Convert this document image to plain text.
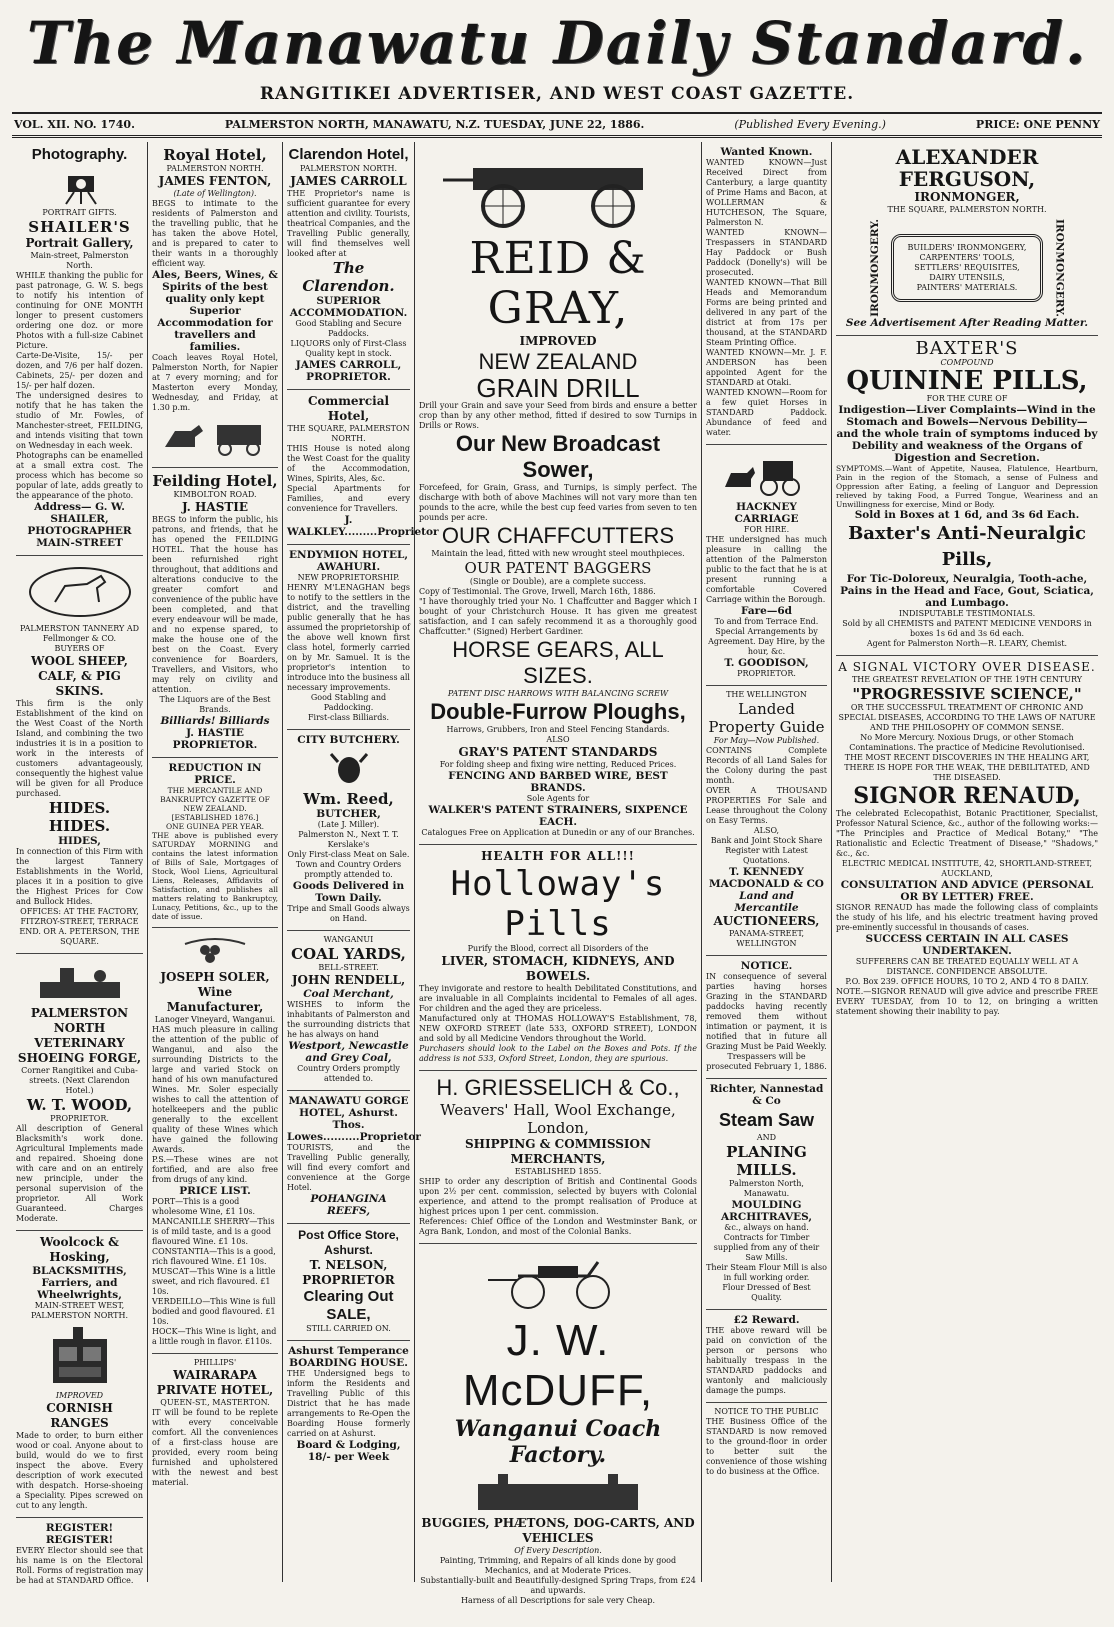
The Manawatu Daily Standard.
RANGITIKEI ADVERTISER, AND WEST COAST GAZETTE.
VOL. XII. NO. 1740.	PALMERSTON NORTH, MANAWATU, N.Z. TUESDAY, JUNE 22, 1886.	(Published Every Evening.)	PRICE: ONE PENNY
Photography.
PORTRAIT GIFTS.
SHAILER'S
Portrait Gallery,
Main-street, Palmerston North.
WHILE thanking the public for past patronage, G. W. S. begs to notify his intention of continuing for ONE MONTH longer to present customers ordering one doz. or more Photos with a full-size Cabinet Picture.
Carte-De-Visite, 15/- per dozen, and 7/6 per half dozen. Cabinets, 25/- per dozen and 15/- per half dozen.
The undersigned desires to notify that he has taken the studio of Mr. Fowles, of Manchester-street, FEILDING, and intends visiting that town on Wednesday in each week.
Photographs can be enamelled at a small extra cost. The process which has become so popular of late, adds greatly to the appearance of the photo.
Address— G. W. SHAILER, PHOTOGRAPHER MAIN-STREET
PALMERSTON TANNERY AD Fellmonger & CO.
BUYERS OF
WOOL SHEEP, CALF, & PIG SKINS.
This firm is the only Establishment of the kind on the West Coast of the North Island, and combining the two industries it is in a position to work in the interests of customers advantageously, consequently the highest value will be given for all Produce purchased.
HIDES. HIDES.
HIDES,
In connection of this Firm with the largest Tannery Establishments in the World, places it in a position to give the Highest Prices for Cow and Bullock Hides.
OFFICES: AT THE FACTORY, FITZROY-STREET, TERRACE END. OR A. PETERSON, THE SQUARE.
PALMERSTON NORTH VETERINARY SHOEING FORGE,
Corner Rangitikei and Cuba-streets. (Next Clarendon Hotel.)
W. T. WOOD,
PROPRIETOR.
All description of General Blacksmith's work done. Agricultural Implements made and repaired. Shoeing done with care and on an entirely new principle, under the personal supervision of the proprietor. All Work Guaranteed. Charges Moderate.
Woolcock & Hosking,
BLACKSMITHS, Farriers, and Wheelwrights,
MAIN-STREET WEST, PALMERSTON NORTH.
IMPROVED
CORNISH RANGES
Made to order, to burn either wood or coal. Anyone about to build, would do we to first inspect the above. Every description of work executed with despatch. Horse-shoeing a Speciality. Pipes screwed on cut to any length.
REGISTER! REGISTER!
EVERY Elector should see that his name is on the Electoral Roll. Forms of registration may be had at STANDARD Office.
Royal Hotel,
PALMERSTON NORTH.
JAMES FENTON,
(Late of Wellington).
BEGS to intimate to the residents of Palmerston and the travelling public, that he has taken the above Hotel, and is prepared to cater to their wants in a thoroughly efficient way.
Ales, Beers, Wines, & Spirits of the best quality only kept
Superior Accommodation for travellers and families.
Coach leaves Royal Hotel, Palmerston North, for Napier at 7 every morning; and for Masterton every Monday, Wednesday, and Friday, at 1.30 p.m.
Feilding Hotel,
KIMBOLTON ROAD.
J. HASTIE
BEGS to inform the public, his patrons, and friends, that he has opened the FEILDING HOTEL. That the house has been refurnished right throughout, that additions and alterations conducive to the greater comfort and convenience of the public have been completed, and that every endeavour will be made, and no expense spared, to make the house one of the best on the Coast. Every convenience for Boarders, Travellers, and Visitors, who may rely on civility and attention.
The Liquors are of the Best Brands.
Billiards! Billiards
J. HASTIE PROPRIETOR.
REDUCTION IN PRICE.
THE MERCANTILE AND BANKRUPTCY GAZETTE OF NEW ZEALAND.
[ESTABLISHED 1876.]
ONE GUINEA PER YEAR.
THE above is published every SATURDAY MORNING and contains the latest information of Bills of Sale, Mortgages of Stock, Wool Liens, Agricultural Liens, Releases, Affidavits of Satisfaction, and publishes all matters relating to Bankruptcy, Lunacy, Petitions, &c., up to the date of issue.
JOSEPH SOLER,
Wine Manufacturer,
Lanoger Vineyard, Wanganui.
HAS much pleasure in calling the attention of the public of Wanganui, and also the surrounding Districts to the large and varied Stock on hand of his own manufactured Wines. Mr. Soler especially wishes to call the attention of hotelkeepers and the public generally to the excellent quality of these Wines which have gained the following Awards.
P.S.—These wines are not fortified, and are also free from drugs of any kind.
PRICE LIST.
PORT—This is a good wholesome Wine, £1 10s.
MANCANILLE SHERRY—This is of mild taste, and is a good flavoured Wine. £1 10s.
CONSTANTIA—This is a good, rich flavoured Wine. £1 10s.
MUSCAT—This Wine is a little sweet, and rich flavoured. £1 10s.
VERDEILLO—This Wine is full bodied and good flavoured. £1 10s.
HOCK—This Wine is light, and a little rough in flavor. £110s.
PHILLIPS'
WAIRARAPA PRIVATE HOTEL,
QUEEN-ST., MASTERTON.
IT will be found to be replete with every conceivable comfort. All the conveniences of a first-class house are provided, every room being furnished and upholstered with the newest and best material.
Clarendon Hotel,
PALMERSTON NORTH.
JAMES CARROLL
THE Proprietor's name is sufficient guarantee for every attention and civility. Tourists, theatrical Companies, and the Travelling Public generally, will find themselves well looked after at
The Clarendon.
SUPERIOR ACCOMMODATION.
Good Stabling and Secure Paddocks.
LIQUORS only of First-Class Quality kept in stock.
JAMES CARROLL, PROPRIETOR.
Commercial Hotel,
THE SQUARE, PALMERSTON NORTH.
THIS House is noted along the West Coast for the quality of the Accommodation, Wines, Spirits, Ales, &c.
Special Apartments for Families, and every convenience for Travellers.
J. WALKLEY.........Proprietor
ENDYMION HOTEL, AWAHURI.
NEW PROPRIETORSHIP.
HENRY M'LENAGHAN begs to notify to the settlers in the district, and the travelling public generally that he has assumed the proprietorship of the above well known first class hotel, formerly carried on by Mr. Samuel. It is the proprietor's intention to introduce into the business all necessary improvements.
Good Stabling and Paddocking.
First-class Billiards.
CITY BUTCHERY.
Wm. Reed,
BUTCHER,
(Late J. Miller).
Palmerston N., Next T. T. Kerslake's
Only First-class Meat on Sale. Town and Country Orders promptly attended to.
Goods Delivered in Town Daily.
Tripe and Small Goods always on Hand.
WANGANUI
COAL YARDS,
BELL-STREET.
JOHN RENDELL,
Coal Merchant,
WISHES to inform the inhabitants of Palmerston and the surrounding districts that he has always on hand
Westport, Newcastle and Grey Coal,
Country Orders promptly attended to.
MANAWATU GORGE HOTEL, Ashurst.
Thos. Lowes..........Proprietor
TOURISTS, and the Travelling Public generally, will find every comfort and convenience at the Gorge Hotel.
POHANGINA REEFS,
Post Office Store, Ashurst.
T. NELSON, PROPRIETOR
Clearing Out SALE,
STILL CARRIED ON.
Ashurst Temperance BOARDING HOUSE.
THE Undersigned begs to inform the Residents and Travelling Public of this District that he has made arrangements to Re-Open the Boarding House formerly carried on at Ashurst.
Board & Lodging, 18/- per Week
REID & GRAY,
IMPROVED
NEW ZEALAND
GRAIN DRILL
Drill your Grain and save your Seed from birds and ensure a better crop than by any other method, fitted if desired to sow Turnips in Drills or Rows.
Our New Broadcast Sower,
Forcefeed, for Grain, Grass, and Turnips, is simply perfect. The discharge with both of above Machines will not vary more than ten pounds to the acre, while the best cup feed varies from seven to ten pounds per acre.
OUR CHAFFCUTTERS
Maintain the lead, fitted with new wrought steel mouthpieces.
OUR PATENT BAGGERS
(Single or Double), are a complete success.
Copy of Testimonial. The Grove, Irwell, March 16th, 1886.
"I have thoroughly tried your No. 1 Chaffcutter and Bagger which I bought of your Christchurch House. It has given me greatest satisfaction, and I can safely recommend it as a thoroughly good Chaffcutter." (Signed) Herbert Gardiner.
HORSE GEARS, ALL SIZES.
PATENT DISC HARROWS WITH BALANCING SCREW
Double-Furrow Ploughs,
Harrows, Grubbers, Iron and Steel Fencing Standards.
ALSO
GRAY'S PATENT STANDARDS
For folding sheep and fixing wire netting, Reduced Prices.
FENCING AND BARBED WIRE, BEST BRANDS.
Sole Agents for
WALKER'S PATENT STRAINERS, SIXPENCE EACH.
Catalogues Free on Application at Dunedin or any of our Branches.
HEALTH FOR ALL!!!
Holloway's Pills
Purify the Blood, correct all Disorders of the
LIVER, STOMACH, KIDNEYS, AND BOWELS.
They invigorate and restore to health Debilitated Constitutions, and are invaluable in all Complaints incidental to Females of all ages. For children and the aged they are priceless.
Manufactured only at THOMAS HOLLOWAY'S Establishment, 78, NEW OXFORD STREET (late 533, OXFORD STREET), LONDON and sold by all Medicine Vendors throughout the World.
Purchasers should look to the Label on the Boxes and Pots. If the address is not 533, Oxford Street, London, they are spurious.
H. GRIESSELICH & Co.,
Weavers' Hall, Wool Exchange, London,
SHIPPING & COMMISSION MERCHANTS,
ESTABLISHED 1855.
SHIP to order any description of British and Continental Goods upon 2½ per cent. commission, selected by buyers with Colonial experience, and attend to the prompt realisation of Produce at highest prices upon 1 per cent. commission.
References: Chief Office of the London and Westminster Bank, or Agra Bank, London, and most of the Colonial Banks.
J. W. McDUFF,
Wanganui Coach Factory.
BUGGIES, PHÆTONS, DOG-CARTS, AND VEHICLES
Of Every Description.
Painting, Trimming, and Repairs of all kinds done by good Mechanics, and at Moderate Prices.
Substantially-built and Beautifully-designed Spring Traps, from £24 and upwards.
Harness of all Descriptions for sale very Cheap.
Wanted Known.
WANTED KNOWN—Just Received Direct from Canterbury, a large quantity of Prime Hams and Bacon, at WOLLERMAN & HUTCHESON, The Square, Palmerston N.
WANTED KNOWN—Trespassers in STANDARD Hay Paddock or Bush Paddock (Donelly's) will be prosecuted.
WANTED KNOWN—That Bill Heads and Memorandum Forms are being printed and delivered in any part of the district at from 17s per thousand, at the STANDARD Steam Printing Office.
WANTED KNOWN—Mr. J. F. ANDERSON has been appointed Agent for the STANDARD at Otaki.
WANTED KNOWN—Room for a few quiet Horses in STANDARD Paddock. Abundance of feed and water.
HACKNEY CARRIAGE
FOR HIRE.
THE undersigned has much pleasure in calling the attention of the Palmerston public to the fact that he is at present running a comfortable Covered Carriage within the Borough.
Fare—6d
To and from Terrace End.
Special Arrangements by Agreement. Day Hire, by the hour, &c.
T. GOODISON,
PROPRIETOR.
THE WELLINGTON
Landed Property Guide
For May—Now Published.
CONTAINS Complete Records of all Land Sales for the Colony during the past month.
OVER A THOUSAND PROPERTIES For Sale and Lease throughout the Colony on Easy Terms.
ALSO,
Bank and Joint Stock Share Register with Latest Quotations.
T. KENNEDY MACDONALD & CO
Land and Mercantile
AUCTIONEERS,
PANAMA-STREET, WELLINGTON
NOTICE.
IN consequence of several parties having horses Grazing in the STANDARD paddocks having recently removed them without intimation or payment, it is notified that in future all Grazing Must be Paid Weekly.
Trespassers will be prosecuted February 1, 1886.
Richter, Nannestad & Co
Steam Saw
AND
PLANING MILLS.
Palmerston North, Manawatu.
MOULDING ARCHITRAVES,
&c., always on hand.
Contracts for Timber supplied from any of their Saw Mills.
Their Steam Flour Mill is also in full working order.
Flour Dressed of Best Quality.
£2 Reward.
THE above reward will be paid on conviction of the person or persons who habitually trespass in the STANDARD paddocks and wantonly and maliciously damage the pumps.
NOTICE TO THE PUBLIC
THE Business Office of the STANDARD is now removed to the ground-floor in order to better suit the convenience of those wishing to do business at the Office.
ALEXANDER FERGUSON,
IRONMONGER,
THE SQUARE, PALMERSTON NORTH.
IRONMONGERY.	BUILDERS' IRONMONGERY,
CARPENTERS' TOOLS,
SETTLERS' REQUISITES,
DAIRY UTENSILS,
PAINTERS' MATERIALS.	IRONMONGERY.
See Advertisement After Reading Matter.
BAXTER'S
COMPOUND
QUININE PILLS,
FOR THE CURE OF
Indigestion—Liver Complaints—Wind in the Stomach and Bowels—Nervous Debility—and the whole train of symptoms induced by Debility and weakness of the Organs of Digestion and Secretion.
SYMPTOMS.—Want of Appetite, Nausea, Flatulence, Heartburn, Pain in the region of the Stomach, a sense of Fulness and Oppression after Eating, a feeling of Languor and Depression relieved by taking Food, a Furred Tongue, Weariness and an Unwillingness for exercise, Mind or Body.
Sold in Boxes at 1 6d, and 3s 6d Each.
Baxter's Anti-Neuralgic Pills,
For Tic-Doloreux, Neuralgia, Tooth-ache, Pains in the Head and Face, Gout, Sciatica, and Lumbago.
INDISPUTABLE TESTIMONIALS.
Sold by all CHEMISTS and PATENT MEDICINE VENDORS in boxes 1s 6d and 3s 6d each.
Agent for Palmerston North—R. LEARY, Chemist.
A SIGNAL VICTORY OVER DISEASE.
THE GREATEST REVELATION OF THE 19TH CENTURY
"PROGRESSIVE SCIENCE,"
OR THE SUCCESSFUL TREATMENT OF CHRONIC AND SPECIAL DISEASES, ACCORDING TO THE LAWS OF NATURE AND THE PHILOSOPHY OF COMMON SENSE.
No More Mercury. Noxious Drugs, or other Stomach Contaminations. The practice of Medicine Revolutionised.
THE MOST RECENT DISCOVERIES IN THE HEALING ART,
THERE IS HOPE FOR THE WEAK, THE DEBILITATED, AND THE DISEASED.
SIGNOR RENAUD,
The celebrated Eclecopathist, Botanic Practitioner, Specialist, Professor Natural Science, &c., author of the following works:— "The Principles and Practice of Medical Botany," "The Rationalistic and Eclectic Treatment of Disease," "Shadows," &c., &c.
ELECTRIC MEDICAL INSTITUTE, 42, SHORTLAND-STREET, AUCKLAND,
CONSULTATION AND ADVICE (PERSONAL OR BY LETTER) FREE.
SIGNOR RENAUD has made the following class of complaints the study of his life, and his electric treatment having proved pre-eminently successful in thousands of cases.
SUCCESS CERTAIN IN ALL CASES UNDERTAKEN.
SUFFERERS CAN BE TREATED EQUALLY WELL AT A DISTANCE. CONFIDENCE ABSOLUTE.
P.O. Box 239. OFFICE HOURS, 10 TO 2, AND 4 TO 8 DAILY.
NOTE.—SIGNOR RENAUD will give advice and prescribe FREE EVERY TUESDAY, from 10 to 12, on bringing a written statement showing their inability to pay.
